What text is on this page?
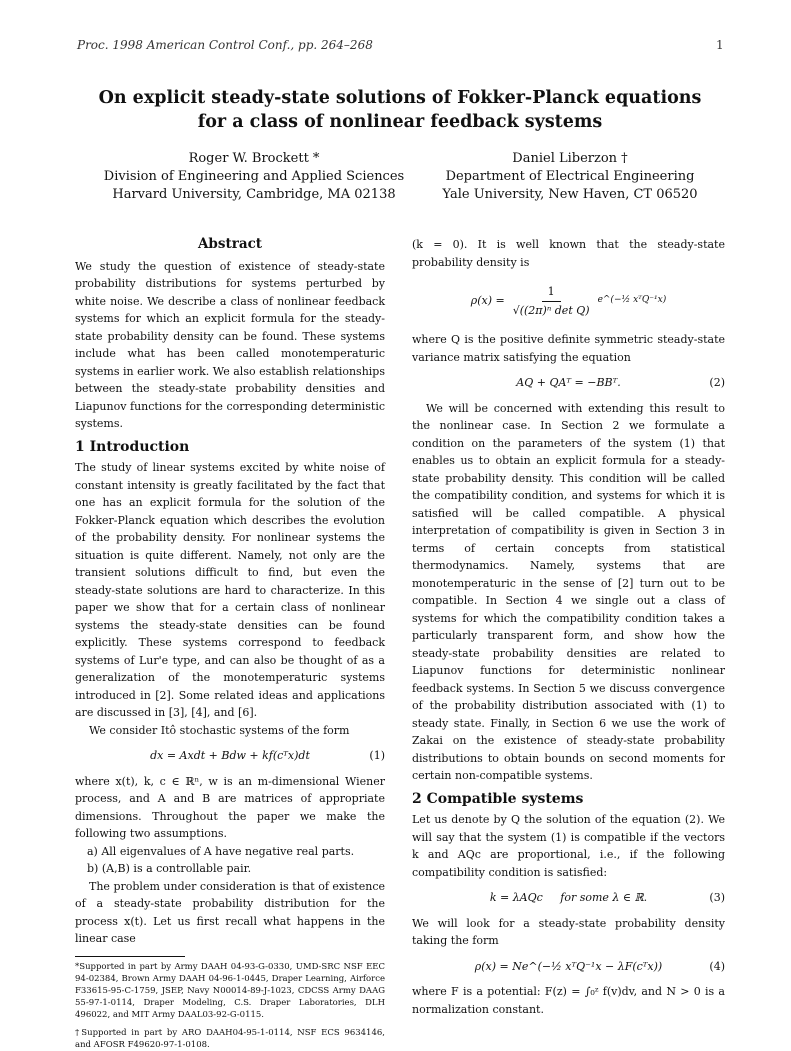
Proc. 1998 American Control Conf., pp. 264–268	1
On explicit steady-state solutions of Fokker-Planck equations
for a class of nonlinear feedback systems
Roger W. Brockett *
Division of Engineering and Applied Sciences
Harvard University, Cambridge, MA 02138
Daniel Liberzon †
Department of Electrical Engineering
Yale University, New Haven, CT 06520
Abstract

We study the question of existence of steady-state probability distributions for systems perturbed by white noise. We describe a class of nonlinear feedback systems for which an explicit formula for the steady-state probability density can be found. These systems include what has been called monotemperaturic systems in earlier work. We also establish relationships between the steady-state probability densities and Liapunov functions for the corresponding deterministic systems.

1 Introduction

The study of linear systems excited by white noise of constant intensity is greatly facilitated by the fact that one has an explicit formula for the solution of the Fokker-Planck equation which describes the evolution of the probability density. For nonlinear systems the situation is quite different. Namely, not only are the transient solutions difficult to find, but even the steady-state solutions are hard to characterize. In this paper we show that for a certain class of nonlinear systems the steady-state densities can be found explicitly. These systems correspond to feedback systems of Lur'e type, and can also be thought of as a generalization of the monotemperaturic systems introduced in [2]. Some related ideas and applications are discussed in [3], [4], and [6].

We consider Itô stochastic systems of the form

dx = Axdt + Bdw + kf(cᵀx)dt	(1)

where x(t), k, c ∈ ℝⁿ, w is an m-dimensional Wiener process, and A and B are matrices of appropriate dimensions. Throughout the paper we make the following two assumptions.

a) All eigenvalues of A have negative real parts.
b) (A,B) is a controllable pair.

The problem under consideration is that of existence of a steady-state probability distribution for the process x(t). Let us first recall what happens in the linear case

*Supported in part by Army DAAH 04-93-G-0330, UMD-SRC NSF EEC 94-02384, Brown Army DAAH 04-96-1-0445, Draper Learning, Airforce F33615-95-C-1759, JSEP, Navy N00014-89-J-1023, CDCSS Army DAAG 55-97-1-0114, Draper Modeling, C.S. Draper Laboratories, DLH 496022, and MIT Army DAAL03-92-G-0115.
†Supported in part by ARO DAAH04-95-1-0114, NSF ECS 9634146, and AFOSR F49620-97-1-0108.

(k = 0). It is well known that the steady-state probability density is

$\rho(x) = \frac{1}{\text{√((2π)ⁿ det Q)}}$ e^(−½ xᵀQ⁻¹x)

where Q is the positive definite symmetric steady-state variance matrix satisfying the equation

AQ + QAᵀ = −BBᵀ.	(2)

We will be concerned with extending this result to the nonlinear case. In Section 2 we formulate a condition on the parameters of the system (1) that enables us to obtain an explicit formula for a steady-state probability density. This condition will be called the compatibility condition, and systems for which it is satisfied will be called compatible. A physical interpretation of compatibility is given in Section 3 in terms of certain concepts from statistical thermodynamics. Namely, systems that are monotemperaturic in the sense of [2] turn out to be compatible. In Section 4 we single out a class of systems for which the compatibility condition takes a particularly transparent form, and show how the steady-state probability densities are related to Liapunov functions for deterministic nonlinear feedback systems. In Section 5 we discuss convergence of the probability distribution associated with (1) to steady state. Finally, in Section 6 we use the work of Zakai on the existence of steady-state probability distributions to obtain bounds on second moments for certain non-compatible systems.

2 Compatible systems

Let us denote by Q the solution of the equation (2). We will say that the system (1) is compatible if the vectors k and AQc are proportional, i.e., if the following compatibility condition is satisfied:

k = λAQc     for some λ ∈ ℝ.	(3)

We will look for a steady-state probability density taking the form

ρ(x) = Ne^(−½ xᵀQ⁻¹x − λF(cᵀx))	(4)

where F is a potential: F(z) = ∫₀ᶻ f(v)dv, and N > 0 is a normalization constant.
